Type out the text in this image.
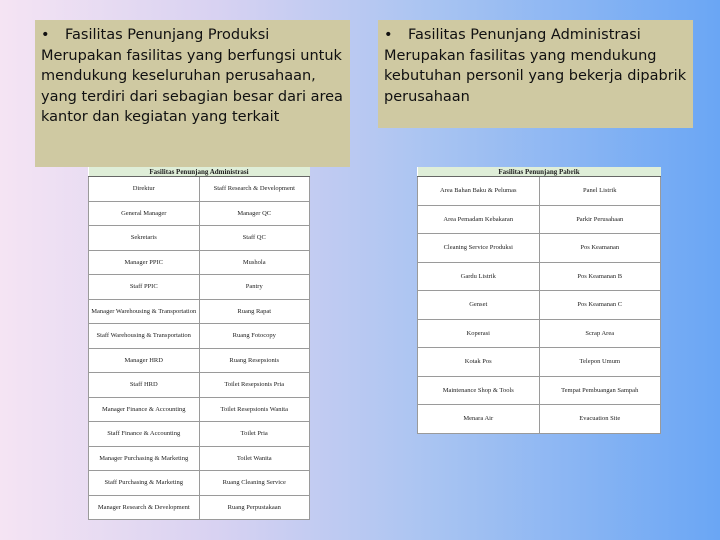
•	Fasilitas Penunjang Produksi
Merupakan fasilitas yang berfungsi untuk mendukung keseluruhan perusahaan, yang terdiri dari sebagian besar dari area kantor dan kegiatan yang terkait
•	Fasilitas Penunjang Administrasi
Merupakan fasilitas yang mendukung kebutuhan personil yang bekerja dipabrik perusahaan
Fasilitas Penunjang Administrasi	
Direktur	Staff Research & Development
General Manager	Manager QC
Sekretaris	Staff QC
Manager PPIC	Mushola
Staff PPIC	Pantry
Manager Warehousing & Transportation	Ruang Rapat
Staff Warehousing & Transportation	Ruang Fotocopy
Manager HRD	Ruang Resepsionis
Staff HRD	Toilet Resepsionis Pria
Manager Finance & Accounting	Toilet Resepsionis Wanita
Staff Finance & Accounting	Toilet Pria
Manager Purchasing & Marketing	Toilet Wanita
Staff Purchasing & Marketing	Ruang Cleaning Service
Manager Research & Development	Ruang Perpustakaan
Fasilitas Penunjang Pabrik	
Area Bahan Baku & Pelumas	Panel Listrik
Area Pemadam Kebakaran	Parkir Perusahaan
Cleaning Service Produksi	Pos Keamanan
Gardu Listrik	Pos Keamanan B
Genset	Pos Keamanan C
Koperasi	Scrap Area
Kotak Pos	Telepon Umum
Maintenance Shop & Tools	Tempat Pembuangan Sampah
Menara Air	Evacuation Site
